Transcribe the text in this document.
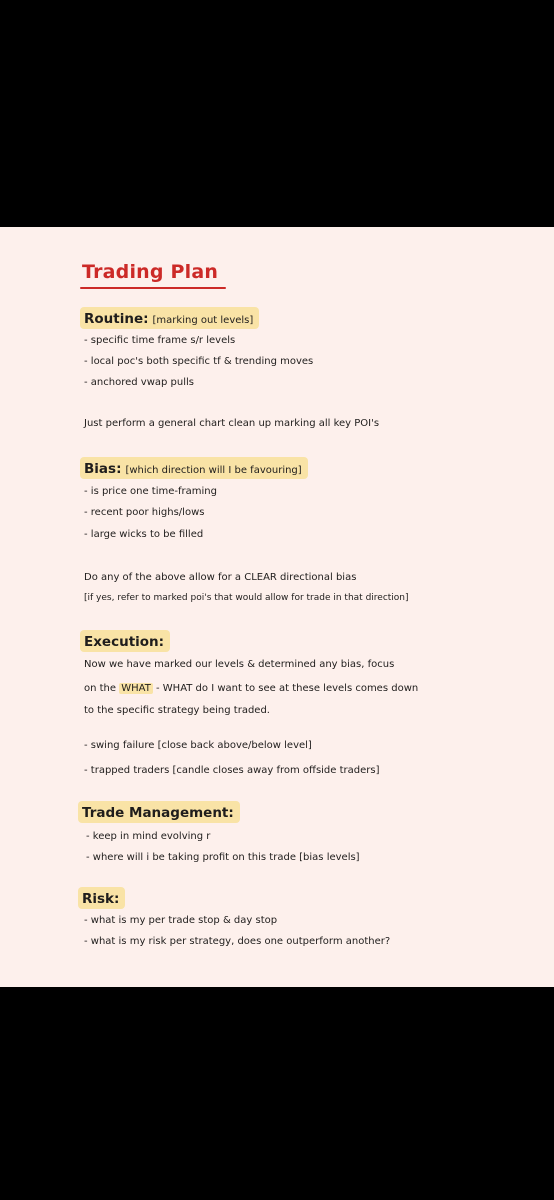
Trading Plan
Routine: [marking out levels]
- specific time frame s/r levels
- local poc's both specific tf & trending moves
- anchored vwap pulls
Just perform a general chart clean up marking all key POI's
Bias: [which direction will I be favouring]
- is price one time-framing
- recent poor highs/lows
- large wicks to be filled
Do any of the above allow for a CLEAR directional bias
[if yes, refer to marked poi's that would allow for trade in that direction]
Execution:
Now we have marked our levels & determined any bias, focus
on the WHAT - WHAT do I want to see at these levels comes down
to the specific strategy being traded.
- swing failure [close back above/below level]
- trapped traders [candle closes away from offside traders]
Trade Management:
- keep in mind evolving r
- where will i be taking profit on this trade [bias levels]
Risk:
- what is my per trade stop & day stop
- what is my risk per strategy, does one outperform another?
